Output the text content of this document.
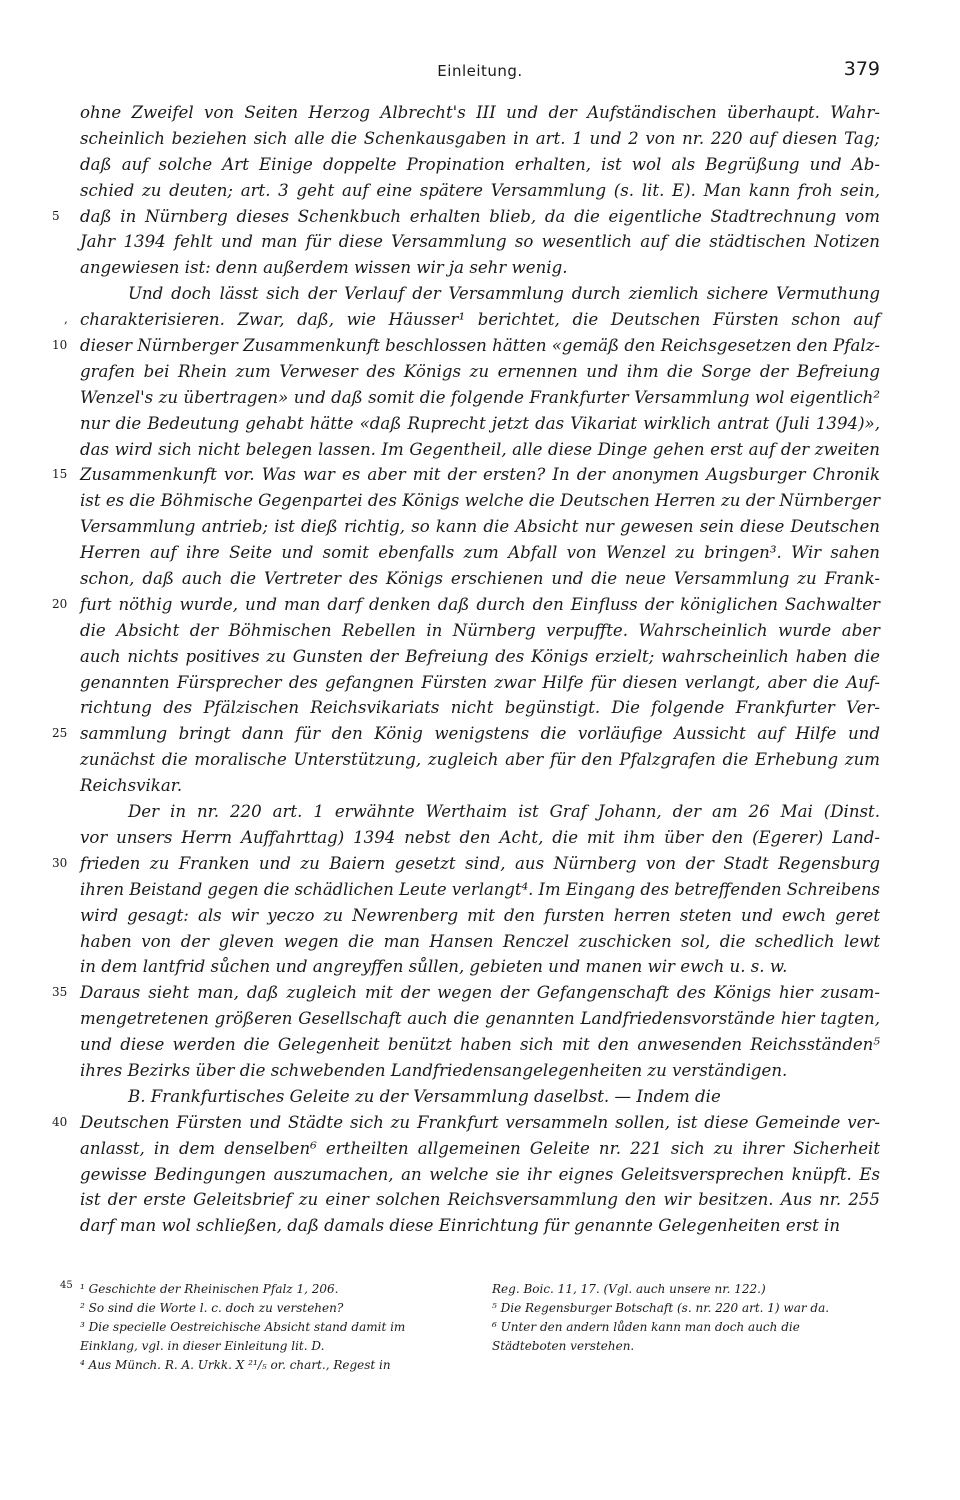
Einleitung.	379
ohne Zweifel von Seiten Herzog Albrecht's III und der Aufständischen überhaupt. Wahr-
scheinlich beziehen sich alle die Schenkausgaben in art. 1 und 2 von nr. 220 auf diesen Tag;
daß auf solche Art Einige doppelte Propination erhalten, ist wol als Begrüßung und Ab-
schied zu deuten; art. 3 geht auf eine spätere Versammlung (s. lit. E). Man kann froh sein,
5	daß in Nürnberg dieses Schenkbuch erhalten blieb, da die eigentliche Stadtrechnung vom
Jahr 1394 fehlt und man für diese Versammlung so wesentlich auf die städtischen Notizen
angewiesen ist: denn außerdem wissen wir ja sehr wenig.
Und doch lässt sich der Verlauf der Versammlung durch ziemlich sichere Vermuthung
, charakterisieren. Zwar, daß, wie Häusser¹ berichtet, die Deutschen Fürsten schon auf
10 dieser Nürnberger Zusammenkunft beschlossen hätten «gemäß den Reichsgesetzen den Pfalz-
grafen bei Rhein zum Verweser des Königs zu ernennen und ihm die Sorge der Befreiung
Wenzel's zu übertragen» und daß somit die folgende Frankfurter Versammlung wol eigentlich²
nur die Bedeutung gehabt hätte «daß Ruprecht jetzt das Vikariat wirklich antrat (Juli 1394)»,
das wird sich nicht belegen lassen. Im Gegentheil, alle diese Dinge gehen erst auf der zweiten
15 Zusammenkunft vor. Was war es aber mit der ersten? In der anonymen Augsburger Chronik
ist es die Böhmische Gegenpartei des Königs welche die Deutschen Herren zu der Nürnberger
Versammlung antrieb; ist dieß richtig, so kann die Absicht nur gewesen sein diese Deutschen
Herren auf ihre Seite und somit ebenfalls zum Abfall von Wenzel zu bringen³. Wir sahen
schon, daß auch die Vertreter des Königs erschienen und die neue Versammlung zu Frank-
20 furt nöthig wurde, und man darf denken daß durch den Einfluss der königlichen Sachwalter
die Absicht der Böhmischen Rebellen in Nürnberg verpuffte. Wahrscheinlich wurde aber
auch nichts positives zu Gunsten der Befreiung des Königs erzielt; wahrscheinlich haben die
genannten Fürsprecher des gefangnen Fürsten zwar Hilfe für diesen verlangt, aber die Auf-
richtung des Pfälzischen Reichsvikariats nicht begünstigt. Die folgende Frankfurter Ver-
25 sammlung bringt dann für den König wenigstens die vorläufige Aussicht auf Hilfe und
zunächst die moralische Unterstützung, zugleich aber für den Pfalzgrafen die Erhebung zum
Reichsvikar.
Der in nr. 220 art. 1 erwähnte Werthaim ist Graf Johann, der am 26 Mai (Dinst.
vor unsers Herrn Auffahrttag) 1394 nebst den Acht, die mit ihm über den (Egerer) Land-
30 frieden zu Franken und zu Baiern gesetzt sind, aus Nürnberg von der Stadt Regensburg
ihren Beistand gegen die schädlichen Leute verlangt⁴. Im Eingang des betreffenden Schreibens
wird gesagt: als wir yeczo zu Newrenberg mit den fursten herren steten und ewch geret
haben von der gleven wegen die man Hansen Renczel zuschicken sol, die schedlich lewt
in dem lantfrid sůchen und angreyffen sůllen, gebieten und manen wir ewch u. s. w.
35 Daraus sieht man, daß zugleich mit der wegen der Gefangenschaft des Königs hier zusam-
mengetretenen größeren Gesellschaft auch die genannten Landfriedensvorstände hier tagten,
und diese werden die Gelegenheit benützt haben sich mit den anwesenden Reichsständen⁵
ihres Bezirks über die schwebenden Landfriedensangelegenheiten zu verständigen.
B. Frankfurtisches Geleite zu der Versammlung daselbst. — Indem die
40 Deutschen Fürsten und Städte sich zu Frankfurt versammeln sollen, ist diese Gemeinde ver-
anlasst, in dem denselben⁶ ertheilten allgemeinen Geleite nr. 221 sich zu ihrer Sicherheit
gewisse Bedingungen auszumachen, an welche sie ihr eignes Geleitsversprechen knüpft. Es
ist der erste Geleitsbrief zu einer solchen Reichsversammlung den wir besitzen. Aus nr. 255
darf man wol schließen, daß damals diese Einrichtung für genannte Gelegenheiten erst in
45 ¹ Geschichte der Rheinischen Pfalz 1, 206.
² So sind die Worte l. c. doch zu verstehen?
³ Die specielle Oestreichische Absicht stand damit im
Einklang, vgl. in dieser Einleitung lit. D.
⁴ Aus Münch. R. A. Urkk. X ²¹/₅ or. chart., Regest in
Reg. Boic. 11, 17. (Vgl. auch unsere nr. 122.)
⁵ Die Regensburger Botschaft (s. nr. 220 art. 1) war da.
⁶ Unter den andern lůden kann man doch auch die
Städteboten verstehen.
